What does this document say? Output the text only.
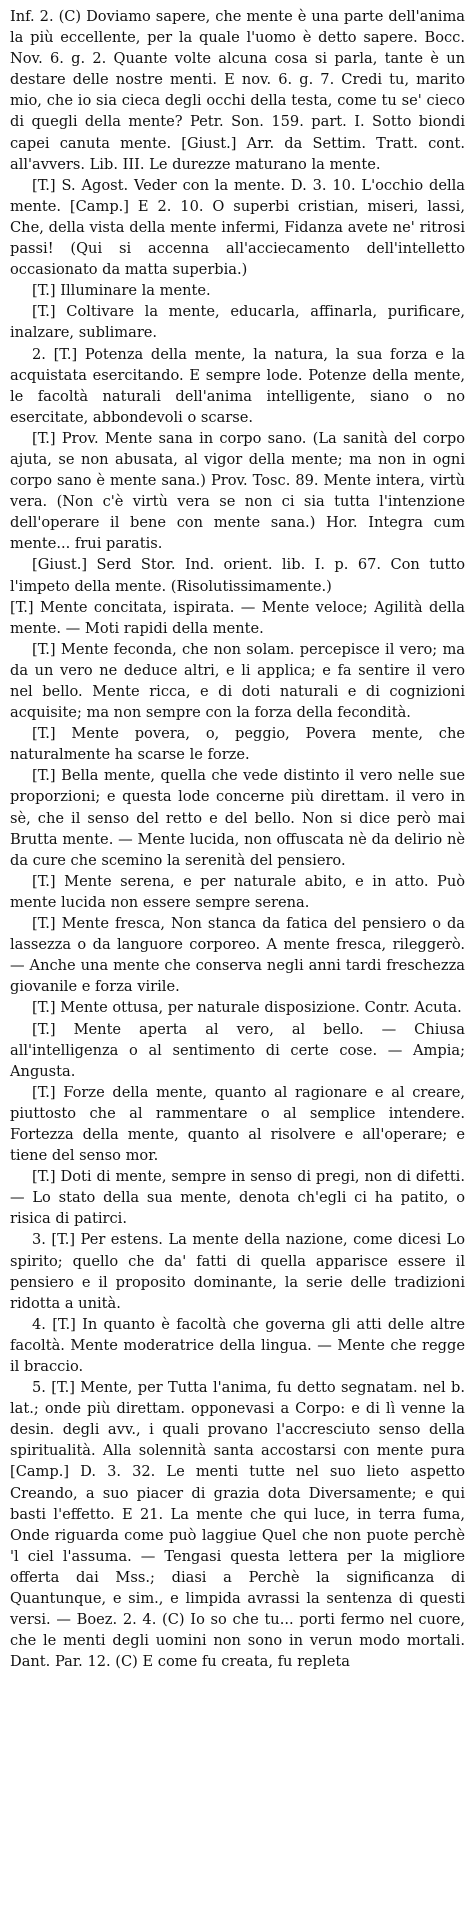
Inf. 2. (C) Doviamo sapere, che mente è una parte dell'anima la più eccellente, per la quale l'uomo è detto sapere. Bocc. Nov. 6. g. 2. Quante volte alcuna cosa si parla, tante è un destare delle nostre menti. E nov. 6. g. 7. Credi tu, marito mio, che io sia cieca degli occhi della testa, come tu se' cieco di quegli della mente? Petr. Son. 159. part. I. Sotto biondi capei canuta mente. [Giust.] Arr. da Settim. Tratt. cont. all'avvers. Lib. III. Le durezze maturano la mente.

[T.] S. Agost. Veder con la mente. D. 3. 10. L'occhio della mente. [Camp.] E 2. 10. O superbi cristian, miseri, lassi, Che, della vista della mente infermi, Fidanza avete ne' ritrosi passi! (Qui si accenna all'acciecamento dell'intelletto occasionato da matta superbia.)

[T.] Illuminare la mente.

[T.] Coltivare la mente, educarla, affinarla, purificare, inalzare, sublimare.

2. [T.] Potenza della mente, la natura, la sua forza e la acquistata esercitando. E sempre lode. Potenze della mente, le facoltà naturali dell'anima intelligente, siano o no esercitate, abbondevoli o scarse.

[T.] Prov. Mente sana in corpo sano. (La sanità del corpo ajuta, se non abusata, al vigor della mente; ma non in ogni corpo sano è mente sana.) Prov. Tosc. 89. Mente intera, virtù vera. (Non c'è virtù vera se non ci sia tutta l'intenzione dell'operare il bene con mente sana.) Hor. Integra cum mente... frui paratis.

[Giust.] Serd Stor. Ind. orient. lib. I. p. 67. Con tutto l'impeto della mente. (Risolutissimamente.)

[T.] Mente concitata, ispirata. — Mente veloce; Agilità della mente. — Moti rapidi della mente.

[T.] Mente feconda, che non solam. percepisce il vero; ma da un vero ne deduce altri, e li applica; e fa sentire il vero nel bello. Mente ricca, e di doti naturali e di cognizioni acquisite; ma non sempre con la forza della fecondità.

[T.] Mente povera, o, peggio, Povera mente, che naturalmente ha scarse le forze.

[T.] Bella mente, quella che vede distinto il vero nelle sue proporzioni; e questa lode concerne più direttam. il vero in sè, che il senso del retto e del bello. Non si dice però mai Brutta mente. — Mente lucida, non offuscata nè da delirio nè da cure che scemino la serenità del pensiero.

[T.] Mente serena, e per naturale abito, e in atto. Può mente lucida non essere sempre serena.

[T.] Mente fresca, Non stanca da fatica del pensiero o da lassezza o da languore corporeo. A mente fresca, rileggerò. — Anche una mente che conserva negli anni tardi freschezza giovanile e forza virile.

[T.] Mente ottusa, per naturale disposizione. Contr. Acuta.

[T.] Mente aperta al vero, al bello. — Chiusa all'intelligenza o al sentimento di certe cose. — Ampia; Angusta.

[T.] Forze della mente, quanto al ragionare e al creare, piuttosto che al rammentare o al semplice intendere. Fortezza della mente, quanto al risolvere e all'operare; e tiene del senso mor.

[T.] Doti di mente, sempre in senso di pregi, non di difetti. — Lo stato della sua mente, denota ch'egli ci ha patito, o risica di patirci.

3. [T.] Per estens. La mente della nazione, come dicesi Lo spirito; quello che da' fatti di quella apparisce essere il pensiero e il proposito dominante, la serie delle tradizioni ridotta a unità.

4. [T.] In quanto è facoltà che governa gli atti delle altre facoltà. Mente moderatrice della lingua. — Mente che regge il braccio.

5. [T.] Mente, per Tutta l'anima, fu detto segnatam. nel b. lat.; onde più direttam. opponevasi a Corpo: e di lì venne la desin. degli avv., i quali provano l'accresciuto senso della spiritualità. Alla solennità santa accostarsi con mente pura [Camp.] D. 3. 32. Le menti tutte nel suo lieto aspetto Creando, a suo piacer di grazia dota Diversamente; e qui basti l'effetto. E 21. La mente che qui luce, in terra fuma, Onde riguarda come può laggiue Quel che non puote perchè 'l ciel l'assuma. — Tengasi questa lettera per la migliore offerta dai Mss.; diasi a Perchè la significanza di Quantunque, e sim., e limpida avrassi la sentenza di questi versi. — Boez. 2. 4. (C) Io so che tu... porti fermo nel cuore, che le menti degli uomini non sono in verun modo mortali. Dant. Par. 12. (C) E come fu creata, fu repleta
